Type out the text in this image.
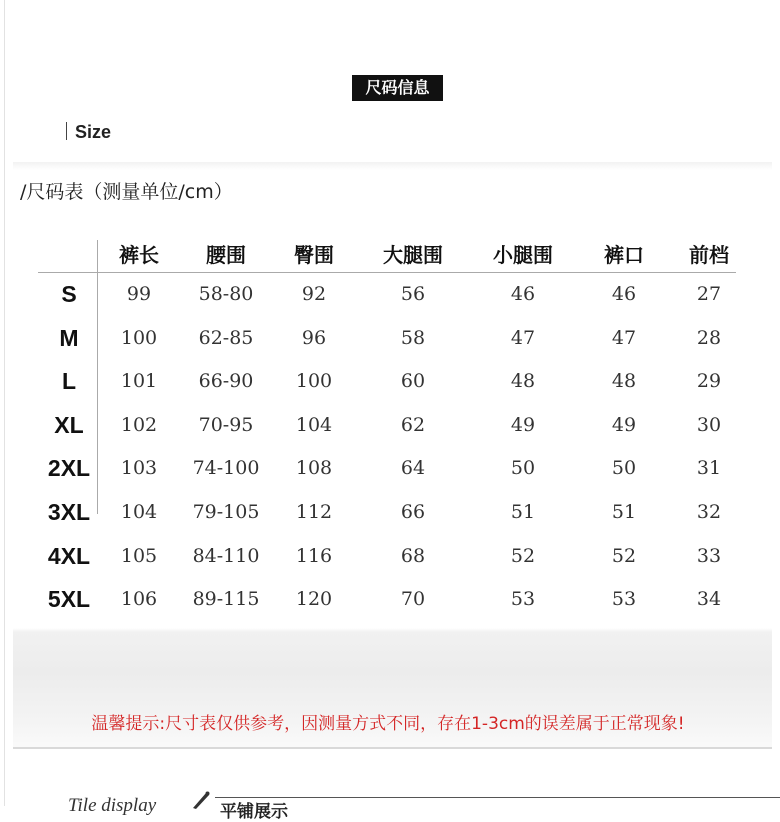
尺码信息
Size
/尺码表（测量单位/cm）
裤长 腰围 臀围 大腿围	小腿围	裤口 前档
S	99	58-80	92	56	46	46	27
M 100 62-85	96	58	47	47	28
L 101 66-90 100	60	48	48	29
XL 102 70-95 104	62	49	49	30
2XL 103 74-100 108	64	50	50	31
3XL 104 79-105 112	66	51	51	32
4XL 105 84-110 116	68	52	52	33
5XL 106 89-115 120	70	53	53	34
温馨提示:尺寸表仅供参考，因测量方式不同，存在1-3cm的误差属于正常现象!
Tile display	平铺展示
